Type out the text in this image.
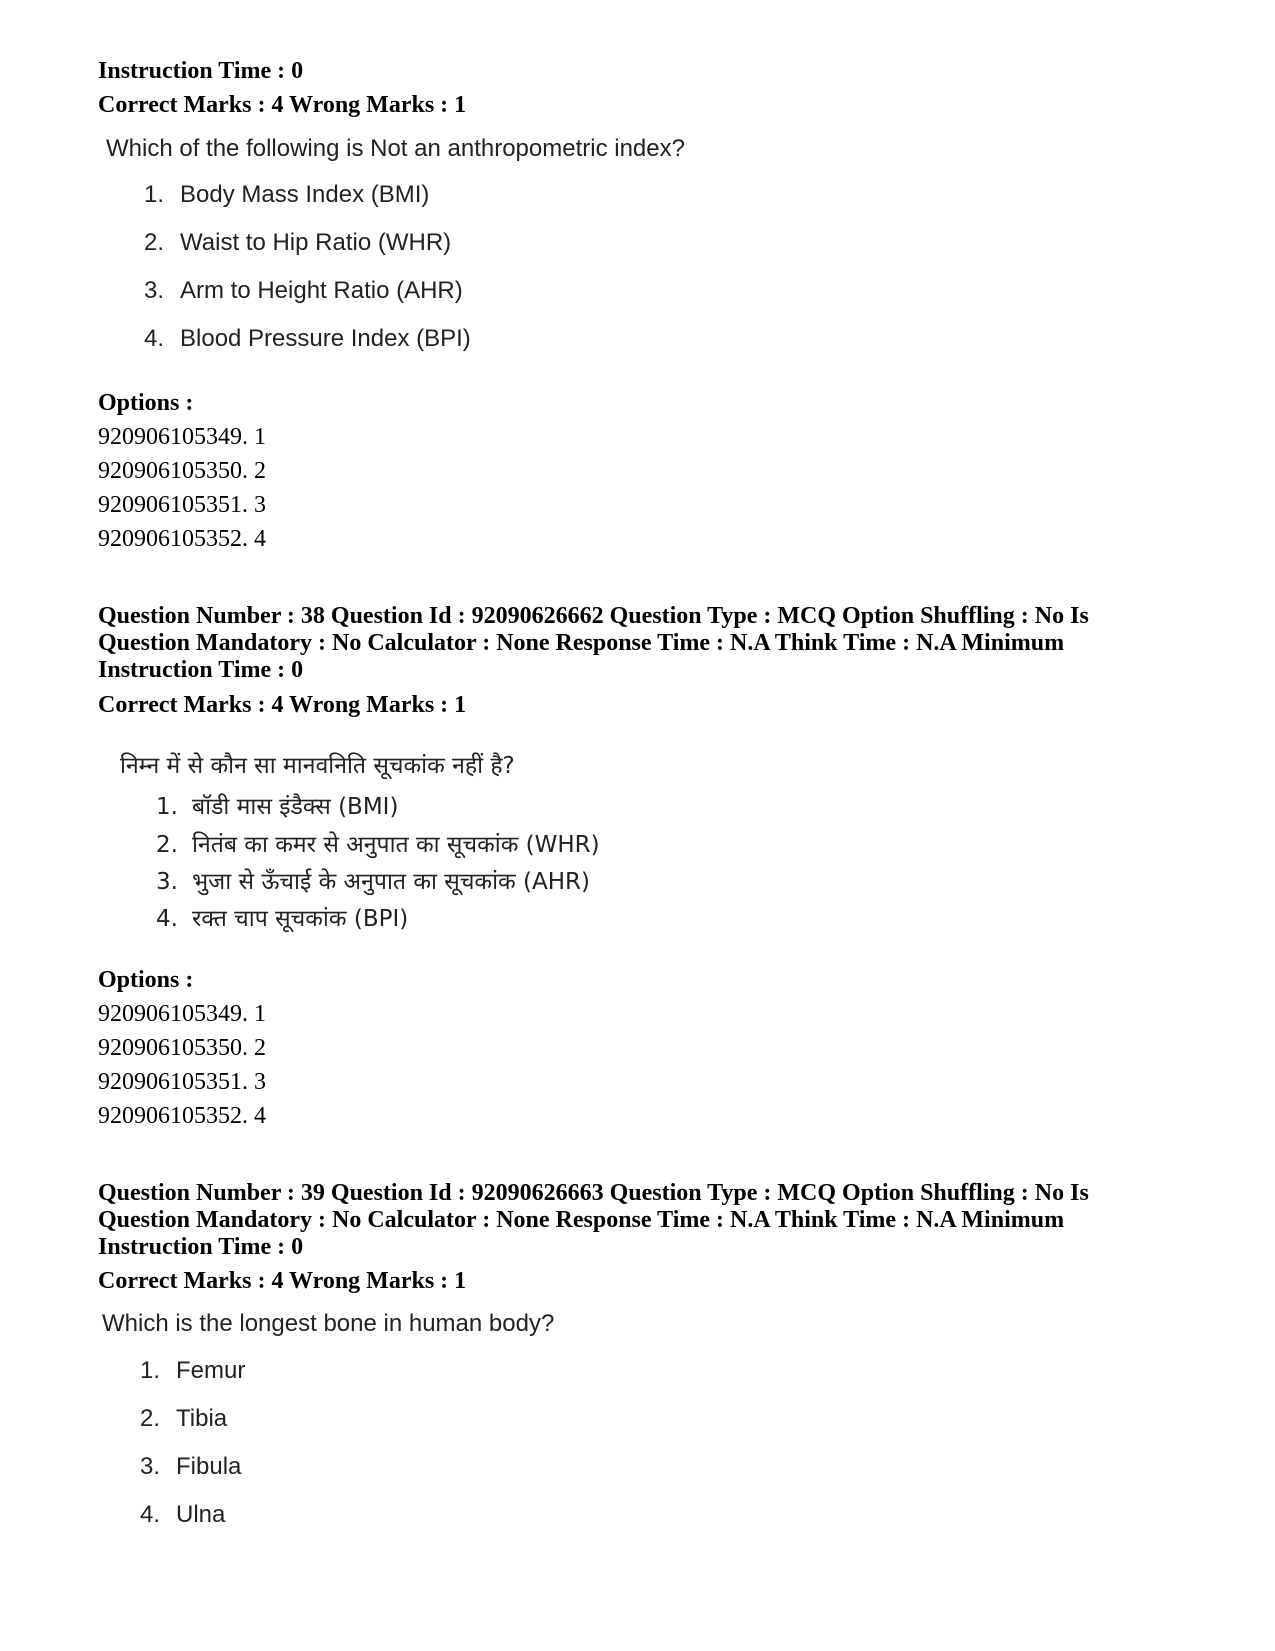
Instruction Time : 0
Correct Marks : 4 Wrong Marks : 1
Which of the following is Not an anthropometric index?
1. Body Mass Index (BMI)
2. Waist to Hip Ratio (WHR)
3. Arm to Height Ratio (AHR)
4. Blood Pressure Index (BPI)
Options :
920906105349. 1
920906105350. 2
920906105351. 3
920906105352. 4
Question Number : 38 Question Id : 92090626662 Question Type : MCQ Option Shuffling : No Is
Question Mandatory : No Calculator : None Response Time : N.A Think Time : N.A Minimum
Instruction Time : 0
Correct Marks : 4 Wrong Marks : 1
निम्न में से कौन सा मानवनिति सूचकांक नहीं है?
1. बॉडी मास इंडैक्स (BMI)
2. नितंब का कमर से अनुपात का सूचकांक (WHR)
3. भुजा से ऊँचाई के अनुपात का सूचकांक (AHR)
4. रक्त चाप सूचकांक (BPI)
Options :
920906105349. 1
920906105350. 2
920906105351. 3
920906105352. 4
Question Number : 39 Question Id : 92090626663 Question Type : MCQ Option Shuffling : No Is
Question Mandatory : No Calculator : None Response Time : N.A Think Time : N.A Minimum
Instruction Time : 0
Correct Marks : 4 Wrong Marks : 1
Which is the longest bone in human body?
1. Femur
2. Tibia
3. Fibula
4. Ulna
